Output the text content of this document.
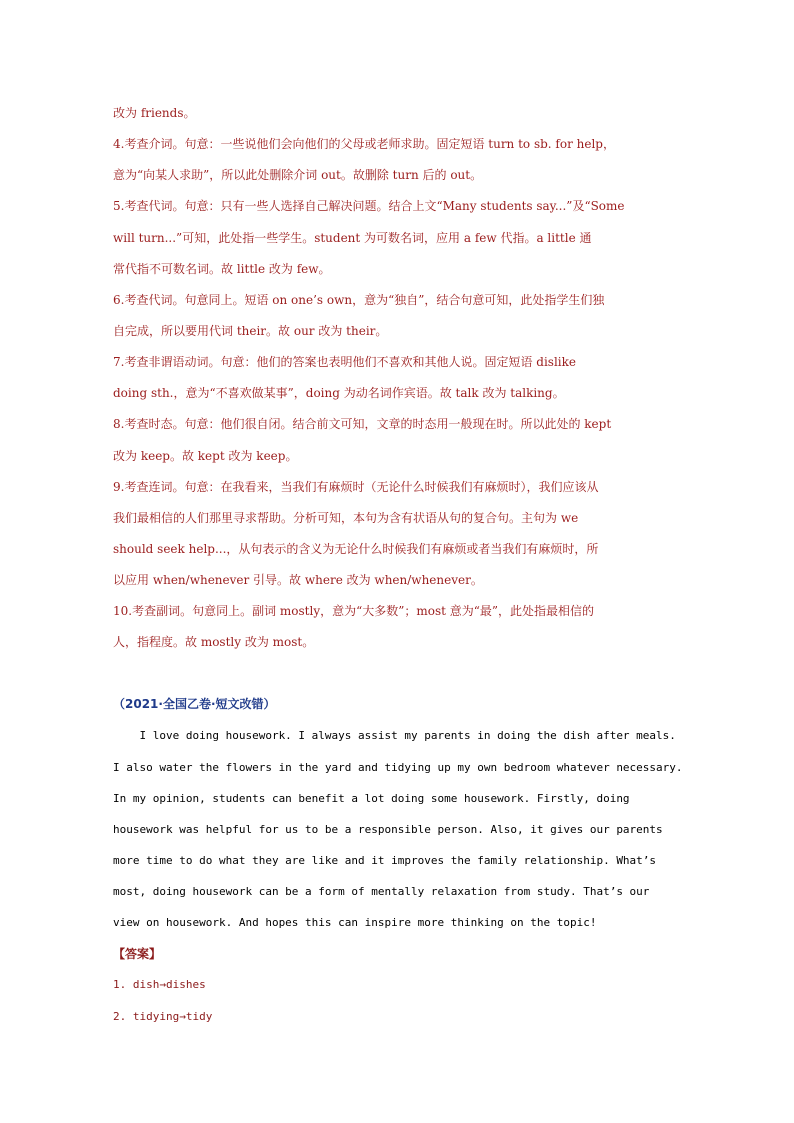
改为 friends。
4.考查介词。句意：一些说他们会向他们的父母或老师求助。固定短语 turn to sb. for help，
意为“向某人求助”，所以此处删除介词 out。故删除 turn 后的 out。
5.考查代词。句意：只有一些人选择自己解决问题。结合上文“Many students say...”及“Some
will turn...”可知，此处指一些学生。student 为可数名词，应用 a few 代指。a little 通
常代指不可数名词。故 little 改为 few。
6.考查代词。句意同上。短语 on one’s own，意为“独自”，结合句意可知，此处指学生们独
自完成，所以要用代词 their。故 our 改为 their。
7.考查非谓语动词。句意：他们的答案也表明他们不喜欢和其他人说。固定短语 dislike
doing sth.，意为“不喜欢做某事”，doing 为动名词作宾语。故 talk 改为 talking。
8.考查时态。句意：他们很自闭。结合前文可知，文章的时态用一般现在时。所以此处的 kept
改为 keep。故 kept 改为 keep。
9.考查连词。句意：在我看来，当我们有麻烦时（无论什么时候我们有麻烦时），我们应该从
我们最相信的人们那里寻求帮助。分析可知，本句为含有状语从句的复合句。主句为 we
should seek help...，从句表示的含义为无论什么时候我们有麻烦或者当我们有麻烦时，所
以应用 when/whenever 引导。故 where 改为 when/whenever。
10.考查副词。句意同上。副词 mostly，意为“大多数”；most 意为“最”，此处指最相信的
人，指程度。故 mostly 改为 most。
（2021·全国乙卷·短文改错）
I love doing housework. I always assist my parents in doing the dish after meals.
I also water the flowers in the yard and tidying up my own bedroom whatever necessary.
In my opinion, students can benefit a lot doing some housework. Firstly, doing
housework was helpful for us to be a responsible person. Also, it gives our parents
more time to do what they are like and it improves the family relationship. What’s
most, doing housework can be a form of mentally relaxation from study. That’s our
view on housework. And hopes this can inspire more thinking on the topic!
【答案】
1. dish→dishes
2. tidying→tidy
